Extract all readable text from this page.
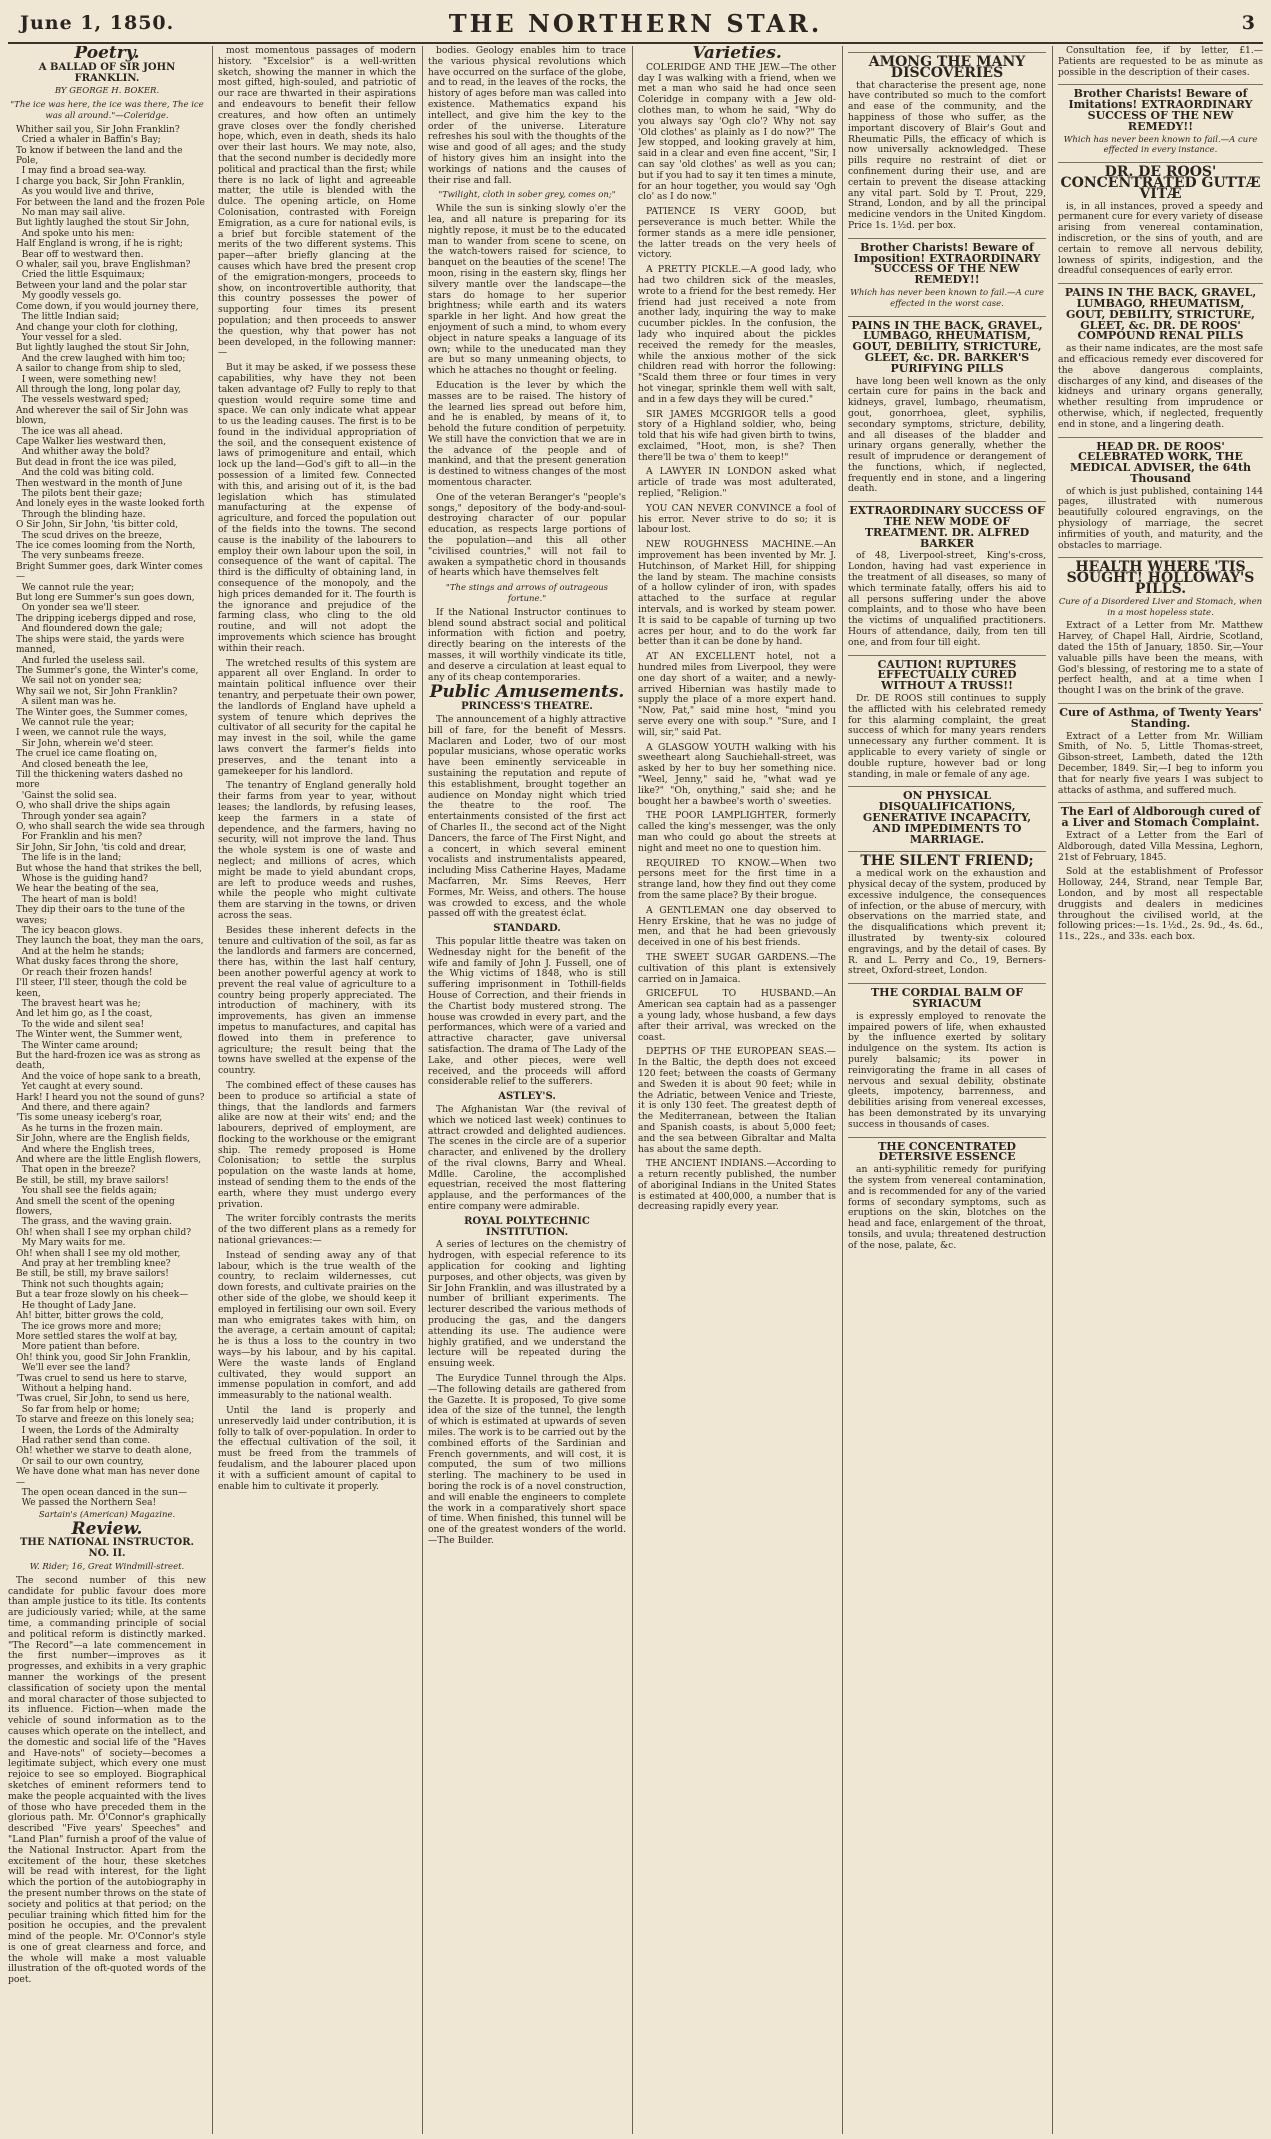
June 1, 1850.	THE NORTHERN STAR.	3
Poetry.
A BALLAD OF SIR JOHN FRANKLIN.
BY GEORGE H. BOKER.
"The ice was here, the ice was there, The ice was all around."—Coleridge.
Whither sail you, Sir John Franklin?
Cried a whaler in Baffin's Bay;
To know if between the land and the Pole,
I may find a broad sea-way.
I charge you back, Sir John Franklin,
As you would live and thrive,
For between the land and the frozen Pole
No man may sail alive.
But lightly laughed the stout Sir John,
And spoke unto his men:
Half England is wrong, if he is right;
Bear off to westward then.
O whaler, sail you, brave Englishman?
Cried the little Esquimaux;
Between your land and the polar star
My goodly vessels go.
Come down, if you would journey there,
The little Indian said;
And change your cloth for clothing,
Your vessel for a sled.
But lightly laughed the stout Sir John,
And the crew laughed with him too;
A sailor to change from ship to sled,
I ween, were something new!
All through the long, long polar day,
The vessels westward sped;
And wherever the sail of Sir John was blown,
The ice was all ahead.
Cape Walker lies westward then,
And whither away the bold?
But dead in front the ice was piled,
And the cold was biting cold.
Then westward in the month of June
The pilots bent their gaze;
And lonely eyes in the waste looked forth
Through the blinding haze.
O Sir John, Sir John, 'tis bitter cold,
The scud drives on the breeze,
The ice comes looming from the North,
The very sunbeams freeze.
Bright Summer goes, dark Winter comes—
We cannot rule the year;
But long ere Summer's sun goes down,
On yonder sea we'll steer.
The dripping icebergs dipped and rose,
And floundered down the gale;
The ships were staid, the yards were manned,
And furled the useless sail.
The Summer's gone, the Winter's come,
We sail not on yonder sea;
Why sail we not, Sir John Franklin?
A silent man was he.
The Winter goes, the Summer comes,
We cannot rule the year;
I ween, we cannot rule the ways,
Sir John, wherein we'd steer.
The cruel ice came floating on,
And closed beneath the lee,
Till the thickening waters dashed no more
'Gainst the solid sea.
O, who shall drive the ships again
Through yonder sea again?
O, who shall search the wide sea through
For Franklin and his men?
Sir John, Sir John, 'tis cold and drear,
The life is in the land;
But whose the hand that strikes the bell,
Whose is the guiding hand?
We hear the beating of the sea,
The heart of man is bold!
They dip their oars to the tune of the waves;
The icy beacon glows.
They launch the boat, they man the oars,
And at the helm he stands;
What dusky faces throng the shore,
Or reach their frozen hands!
I'll steer, I'll steer, though the cold be keen,
The bravest heart was he;
And let him go, as I the coast,
To the wide and silent sea!
The Winter went, the Summer went,
The Winter came around;
But the hard-frozen ice was as strong as death,
And the voice of hope sank to a breath,
Yet caught at every sound.
Hark! I heard you not the sound of guns?
And there, and there again?
'Tis some uneasy iceberg's roar,
As he turns in the frozen main.
Sir John, where are the English fields,
And where the English trees,
And where are the little English flowers,
That open in the breeze?
Be still, be still, my brave sailors!
You shall see the fields again;
And smell the scent of the opening flowers,
The grass, and the waving grain.
Oh! when shall I see my orphan child?
My Mary waits for me.
Oh! when shall I see my old mother,
And pray at her trembling knee?
Be still, be still, my brave sailors!
Think not such thoughts again;
But a tear froze slowly on his cheek—
He thought of Lady Jane.
Ah! bitter, bitter grows the cold,
The ice grows more and more;
More settled stares the wolf at bay,
More patient than before.
Oh! think you, good Sir John Franklin,
We'll ever see the land?
'Twas cruel to send us here to starve,
Without a helping hand.
'Twas cruel, Sir John, to send us here,
So far from help or home;
To starve and freeze on this lonely sea;
I ween, the Lords of the Admiralty
Had rather send than come.
Oh! whether we starve to death alone,
Or sail to our own country,
We have done what man has never done—
The open ocean danced in the sun—
We passed the Northern Sea!
Sartain's (American) Magazine.
Review.
THE NATIONAL INSTRUCTOR. NO. II.
W. Rider; 16, Great Windmill-street.

The second number of this new candidate for public favour does more than ample justice to its title. Its contents are judiciously varied; while, at the same time, a commanding principle of social and political reform is distinctly marked. "The Record"—a late commencement in the first number—improves as it progresses, and exhibits in a very graphic manner the workings of the present classification of society upon the mental and moral character of those subjected to its influence. Fiction—when made the vehicle of sound information as to the causes which operate on the intellect, and the domestic and social life of the "Haves and Have-nots" of society—becomes a legitimate subject, which every one must rejoice to see so employed. Biographical sketches of eminent reformers tend to make the people acquainted with the lives of those who have preceded them in the glorious path. Mr. O'Connor's graphically described "Five years' Speeches" and "Land Plan" furnish a proof of the value of the National Instructor. Apart from the excitement of the hour, these sketches will be read with interest, for the light which the portion of the autobiography in the present number throws on the state of society and politics at that period; on the peculiar training which fitted him for the position he occupies, and the prevalent mind of the people. Mr. O'Connor's style is one of great clearness and force, and the whole will make a most valuable illustration of the oft-quoted words of the poet.

most momentous passages of modern history. "Excelsior" is a well-written sketch, showing the manner in which the most gifted, high-souled, and patriotic of our race are thwarted in their aspirations and endeavours to benefit their fellow creatures, and how often an untimely grave closes over the fondly cherished hope, which, even in death, sheds its halo over their last hours. We may note, also, that the second number is decidedly more political and practical than the first; while there is no lack of light and agreeable matter, the utile is blended with the dulce. The opening article, on Home Colonisation, contrasted with Foreign Emigration, as a cure for national evils, is a brief but forcible statement of the merits of the two different systems. This paper—after briefly glancing at the causes which have bred the present crop of the emigration-mongers, proceeds to show, on incontrovertible authority, that this country possesses the power of supporting four times its present population; and then proceeds to answer the question, why that power has not been developed, in the following manner:—

But it may be asked, if we possess these capabilities, why have they not been taken advantage of? Fully to reply to that question would require some time and space. We can only indicate what appear to us the leading causes. The first is to be found in the individual appropriation of the soil, and the consequent existence of laws of primogeniture and entail, which lock up the land—God's gift to all—in the possession of a limited few. Connected with this, and arising out of it, is the bad legislation which has stimulated manufacturing at the expense of agriculture, and forced the population out of the fields into the towns. The second cause is the inability of the labourers to employ their own labour upon the soil, in consequence of the want of capital. The third is the difficulty of obtaining land, in consequence of the monopoly, and the high prices demanded for it. The fourth is the ignorance and prejudice of the farming class, who cling to the old routine, and will not adopt the improvements which science has brought within their reach.

The wretched results of this system are apparent all over England. In order to maintain political influence over their tenantry, and perpetuate their own power, the landlords of England have upheld a system of tenure which deprives the cultivator of all security for the capital he may invest in the soil, while the game laws convert the farmer's fields into preserves, and the tenant into a gamekeeper for his landlord.

The tenantry of England generally hold their farms from year to year, without leases; the landlords, by refusing leases, keep the farmers in a state of dependence, and the farmers, having no security, will not improve the land. Thus the whole system is one of waste and neglect; and millions of acres, which might be made to yield abundant crops, are left to produce weeds and rushes, while the people who might cultivate them are starving in the towns, or driven across the seas.

Besides these inherent defects in the tenure and cultivation of the soil, as far as the landlords and farmers are concerned, there has, within the last half century, been another powerful agency at work to prevent the real value of agriculture to a country being properly appreciated. The introduction of machinery, with its improvements, has given an immense impetus to manufactures, and capital has flowed into them in preference to agriculture; the result being that the towns have swelled at the expense of the country.

The combined effect of these causes has been to produce so artificial a state of things, that the landlords and farmers alike are now at their wits' end; and the labourers, deprived of employment, are flocking to the workhouse or the emigrant ship. The remedy proposed is Home Colonisation; to settle the surplus population on the waste lands at home, instead of sending them to the ends of the earth, where they must undergo every privation.

The writer forcibly contrasts the merits of the two different plans as a remedy for national grievances:—

Instead of sending away any of that labour, which is the true wealth of the country, to reclaim wildernesses, cut down forests, and cultivate prairies on the other side of the globe, we should keep it employed in fertilising our own soil. Every man who emigrates takes with him, on the average, a certain amount of capital; he is thus a loss to the country in two ways—by his labour, and by his capital. Were the waste lands of England cultivated, they would support an immense population in comfort, and add immeasurably to the national wealth.

Until the land is properly and unreservedly laid under contribution, it is folly to talk of over-population. In order to the effectual cultivation of the soil, it must be freed from the trammels of feudalism, and the labourer placed upon it with a sufficient amount of capital to enable him to cultivate it properly.

bodies. Geology enables him to trace the various physical revolutions which have occurred on the surface of the globe, and to read, in the leaves of the rocks, the history of ages before man was called into existence. Mathematics expand his intellect, and give him the key to the order of the universe. Literature refreshes his soul with the thoughts of the wise and good of all ages; and the study of history gives him an insight into the workings of nations and the causes of their rise and fall.

"Twilight, cloth in sober grey, comes on;"

While the sun is sinking slowly o'er the lea, and all nature is preparing for its nightly repose, it must be to the educated man to wander from scene to scene, on the watch-towers raised for science, to banquet on the beauties of the scene! The moon, rising in the eastern sky, flings her silvery mantle over the landscape—the stars do homage to her superior brightness; while earth and its waters sparkle in her light. And how great the enjoyment of such a mind, to whom every object in nature speaks a language of its own; while to the uneducated man they are but so many unmeaning objects, to which he attaches no thought or feeling.

Education is the lever by which the masses are to be raised. The history of the learned lies spread out before him, and he is enabled, by means of it, to behold the future condition of perpetuity. We still have the conviction that we are in the advance of the people and of mankind, and that the present generation is destined to witness changes of the most momentous character.

One of the veteran Beranger's "people's songs," depository of the body-and-soul-destroying character of our popular education, as respects large portions of the population—and this all other "civilised countries," will not fail to awaken a sympathetic chord in thousands of hearts which have themselves felt

"The stings and arrows of outrageous fortune."

If the National Instructor continues to blend sound abstract social and political information with fiction and poetry, directly bearing on the interests of the masses, it will worthily vindicate its title, and deserve a circulation at least equal to any of its cheap contemporaries.

Public Amusements.
PRINCESS'S THEATRE.

The announcement of a highly attractive bill of fare, for the benefit of Messrs. Maclaren and Loder, two of our most popular musicians, whose operatic works have been eminently serviceable in sustaining the reputation and repute of this establishment, brought together an audience on Monday night which tried the theatre to the roof. The entertainments consisted of the first act of Charles II., the second act of the Night Dancers, the farce of The First Night, and a concert, in which several eminent vocalists and instrumentalists appeared, including Miss Catherine Hayes, Madame Macfarren, Mr. Sims Reeves, Herr Formes, Mr. Weiss, and others. The house was crowded to excess, and the whole passed off with the greatest éclat.

STANDARD.

This popular little theatre was taken on Wednesday night for the benefit of the wife and family of John J. Fussell, one of the Whig victims of 1848, who is still suffering imprisonment in Tothill-fields House of Correction, and their friends in the Chartist body mustered strong. The house was crowded in every part, and the performances, which were of a varied and attractive character, gave universal satisfaction. The drama of The Lady of the Lake, and other pieces, were well received, and the proceeds will afford considerable relief to the sufferers.

ASTLEY'S.

The Afghanistan War (the revival of which we noticed last week) continues to attract crowded and delighted audiences. The scenes in the circle are of a superior character, and enlivened by the drollery of the rival clowns, Barry and Wheal. Mdlle. Caroline, the accomplished equestrian, received the most flattering applause, and the performances of the entire company were admirable.

ROYAL POLYTECHNIC INSTITUTION.

A series of lectures on the chemistry of hydrogen, with especial reference to its application for cooking and lighting purposes, and other objects, was given by Sir John Franklin, and was illustrated by a number of brilliant experiments. The lecturer described the various methods of producing the gas, and the dangers attending its use. The audience were highly gratified, and we understand the lecture will be repeated during the ensuing week.

The Eurydice Tunnel through the Alps.—The following details are gathered from the Gazette. It is proposed, To give some idea of the size of the tunnel, the length of which is estimated at upwards of seven miles. The work is to be carried out by the combined efforts of the Sardinian and French governments, and will cost, it is computed, the sum of two millions sterling. The machinery to be used in boring the rock is of a novel construction, and will enable the engineers to complete the work in a comparatively short space of time. When finished, this tunnel will be one of the greatest wonders of the world.—The Builder.

Varieties.

COLERIDGE AND THE JEW.—The other day I was walking with a friend, when we met a man who said he had once seen Coleridge in company with a Jew old-clothes man, to whom he said, "Why do you always say 'Ogh clo'? Why not say 'Old clothes' as plainly as I do now?" The Jew stopped, and looking gravely at him, said in a clear and even fine accent, "Sir, I can say 'old clothes' as well as you can; but if you had to say it ten times a minute, for an hour together, you would say 'Ogh clo' as I do now."

PATIENCE IS VERY GOOD, but perseverance is much better. While the former stands as a mere idle pensioner, the latter treads on the very heels of victory.

A PRETTY PICKLE.—A good lady, who had two children sick of the measles, wrote to a friend for the best remedy. Her friend had just received a note from another lady, inquiring the way to make cucumber pickles. In the confusion, the lady who inquired about the pickles received the remedy for the measles, while the anxious mother of the sick children read with horror the following: "Scald them three or four times in very hot vinegar, sprinkle them well with salt, and in a few days they will be cured."

SIR JAMES MCGRIGOR tells a good story of a Highland soldier, who, being told that his wife had given birth to twins, exclaimed, "Hoot, mon, is she? Then there'll be twa o' them to keep!"

A LAWYER IN LONDON asked what article of trade was most adulterated, replied, "Religion."

YOU CAN NEVER CONVINCE a fool of his error. Never strive to do so; it is labour lost.

NEW ROUGHNESS MACHINE.—An improvement has been invented by Mr. J. Hutchinson, of Market Hill, for shipping the land by steam. The machine consists of a hollow cylinder of iron, with spades attached to the surface at regular intervals, and is worked by steam power. It is said to be capable of turning up two acres per hour, and to do the work far better than it can be done by hand.

AT AN EXCELLENT hotel, not a hundred miles from Liverpool, they were one day short of a waiter, and a newly-arrived Hibernian was hastily made to supply the place of a more expert hand. "Now, Pat," said mine host, "mind you serve every one with soup." "Sure, and I will, sir," said Pat.

A GLASGOW YOUTH walking with his sweetheart along Sauchiehall-street, was asked by her to buy her something nice. "Weel, Jenny," said he, "what wad ye like?" "Oh, onything," said she; and he bought her a bawbee's worth o' sweeties.

THE POOR LAMPLIGHTER, formerly called the king's messenger, was the only man who could go about the streets at night and meet no one to question him.

REQUIRED TO KNOW.—When two persons meet for the first time in a strange land, how they find out they come from the same place? By their brogue.

A GENTLEMAN one day observed to Henry Erskine, that he was no judge of men, and that he had been grievously deceived in one of his best friends.

THE SWEET SUGAR GARDENS.—The cultivation of this plant is extensively carried on in Jamaica.

GRICEFUL TO HUSBAND.—An American sea captain had as a passenger a young lady, whose husband, a few days after their arrival, was wrecked on the coast.

DEPTHS OF THE EUROPEAN SEAS.—In the Baltic, the depth does not exceed 120 feet; between the coasts of Germany and Sweden it is about 90 feet; while in the Adriatic, between Venice and Trieste, it is only 130 feet. The greatest depth of the Mediterranean, between the Italian and Spanish coasts, is about 5,000 feet; and the sea between Gibraltar and Malta has about the same depth.

THE ANCIENT INDIANS.—According to a return recently published, the number of aboriginal Indians in the United States is estimated at 400,000, a number that is decreasing rapidly every year.

AMONG THE MANY DISCOVERIES

that characterise the present age, none have contributed so much to the comfort and ease of the community, and the happiness of those who suffer, as the important discovery of Blair's Gout and Rheumatic Pills, the efficacy of which is now universally acknowledged. These pills require no restraint of diet or confinement during their use, and are certain to prevent the disease attacking any vital part. Sold by T. Prout, 229, Strand, London, and by all the principal medicine vendors in the United Kingdom. Price 1s. 1½d. per box.

Brother Charists! Beware of Imposition! EXTRAORDINARY SUCCESS OF THE NEW REMEDY!!
Which has never been known to fail.—A cure effected in the worst case.
PAINS IN THE BACK, GRAVEL, LUMBAGO, RHEUMATISM, GOUT, DEBILITY, STRICTURE, GLEET, &c. DR. BARKER'S PURIFYING PILLS

have long been well known as the only certain cure for pains in the back and kidneys, gravel, lumbago, rheumatism, gout, gonorrhoea, gleet, syphilis, secondary symptoms, stricture, debility, and all diseases of the bladder and urinary organs generally, whether the result of imprudence or derangement of the functions, which, if neglected, frequently end in stone, and a lingering death.

EXTRAORDINARY SUCCESS OF THE NEW MODE OF TREATMENT. DR. ALFRED BARKER

of 48, Liverpool-street, King's-cross, London, having had vast experience in the treatment of all diseases, so many of which terminate fatally, offers his aid to all persons suffering under the above complaints, and to those who have been the victims of unqualified practitioners. Hours of attendance, daily, from ten till one, and from four till eight.

CAUTION! RUPTURES EFFECTUALLY CURED WITHOUT A TRUSS!!

Dr. DE ROOS still continues to supply the afflicted with his celebrated remedy for this alarming complaint, the great success of which for many years renders unnecessary any further comment. It is applicable to every variety of single or double rupture, however bad or long standing, in male or female of any age.

ON PHYSICAL DISQUALIFICATIONS, GENERATIVE INCAPACITY, AND IMPEDIMENTS TO MARRIAGE.
THE SILENT FRIEND;

a medical work on the exhaustion and physical decay of the system, produced by excessive indulgence, the consequences of infection, or the abuse of mercury, with observations on the married state, and the disqualifications which prevent it; illustrated by twenty-six coloured engravings, and by the detail of cases. By R. and L. Perry and Co., 19, Berners-street, Oxford-street, London.

THE CORDIAL BALM OF SYRIACUM

is expressly employed to renovate the impaired powers of life, when exhausted by the influence exerted by solitary indulgence on the system. Its action is purely balsamic; its power in reinvigorating the frame in all cases of nervous and sexual debility, obstinate gleets, impotency, barrenness, and debilities arising from venereal excesses, has been demonstrated by its unvarying success in thousands of cases.

THE CONCENTRATED DETERSIVE ESSENCE

an anti-syphilitic remedy for purifying the system from venereal contamination, and is recommended for any of the varied forms of secondary symptoms, such as eruptions on the skin, blotches on the head and face, enlargement of the throat, tonsils, and uvula; threatened destruction of the nose, palate, &c.

Consultation fee, if by letter, £1.—Patients are requested to be as minute as possible in the description of their cases.

Brother Charists! Beware of Imitations! EXTRAORDINARY SUCCESS OF THE NEW REMEDY!!
Which has never been known to fail.—A cure effected in every instance.
DR. DE ROOS' CONCENTRATED GUTTÆ VITÆ

is, in all instances, proved a speedy and permanent cure for every variety of disease arising from venereal contamination, indiscretion, or the sins of youth, and are certain to remove all nervous debility, lowness of spirits, indigestion, and the dreadful consequences of early error.

PAINS IN THE BACK, GRAVEL, LUMBAGO, RHEUMATISM, GOUT, DEBILITY, STRICTURE, GLEET, &c. DR. DE ROOS' COMPOUND RENAL PILLS

as their name indicates, are the most safe and efficacious remedy ever discovered for the above dangerous complaints, discharges of any kind, and diseases of the kidneys and urinary organs generally, whether resulting from imprudence or otherwise, which, if neglected, frequently end in stone, and a lingering death.

HEAD DR. DE ROOS' CELEBRATED WORK, THE MEDICAL ADVISER, the 64th Thousand

of which is just published, containing 144 pages, illustrated with numerous beautifully coloured engravings, on the physiology of marriage, the secret infirmities of youth, and maturity, and the obstacles to marriage.

HEALTH WHERE 'TIS SOUGHT! HOLLOWAY'S PILLS.
Cure of a Disordered Liver and Stomach, when in a most hopeless state.

Extract of a Letter from Mr. Matthew Harvey, of Chapel Hall, Airdrie, Scotland, dated the 15th of January, 1850. Sir,—Your valuable pills have been the means, with God's blessing, of restoring me to a state of perfect health, and at a time when I thought I was on the brink of the grave.

Cure of Asthma, of Twenty Years' Standing.

Extract of a Letter from Mr. William Smith, of No. 5, Little Thomas-street, Gibson-street, Lambeth, dated the 12th December, 1849. Sir,—I beg to inform you that for nearly five years I was subject to attacks of asthma, and suffered much.

The Earl of Aldborough cured of a Liver and Stomach Complaint.

Extract of a Letter from the Earl of Aldborough, dated Villa Messina, Leghorn, 21st of February, 1845.

Sold at the establishment of Professor Holloway, 244, Strand, near Temple Bar, London, and by most all respectable druggists and dealers in medicines throughout the civilised world, at the following prices:—1s. 1½d., 2s. 9d., 4s. 6d., 11s., 22s., and 33s. each box.
